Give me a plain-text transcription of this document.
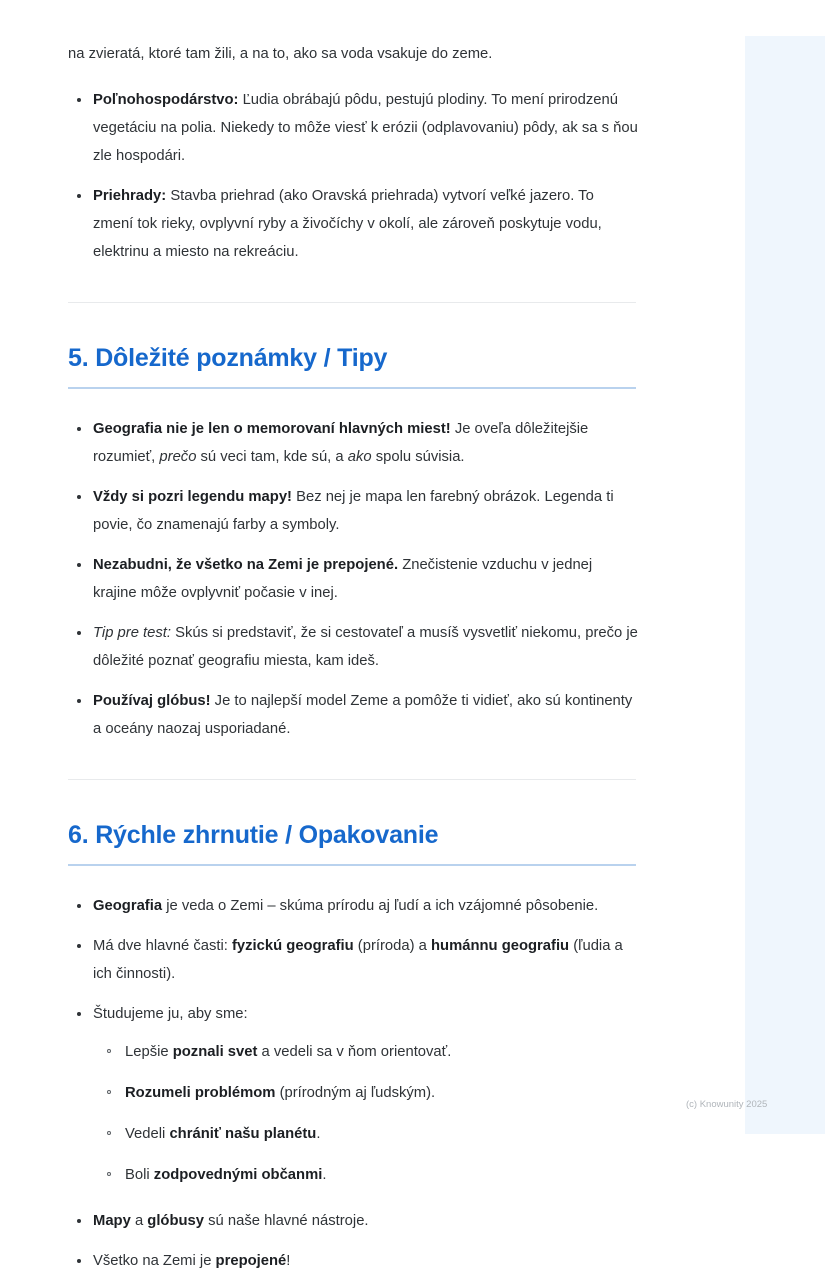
na zvieratá, ktoré tam žili, a na to, ako sa voda vsakuje do zeme.

Poľnohospodárstvo: Ľudia obrábajú pôdu, pestujú plodiny. To mení prirodzenú vegetáciu na polia. Niekedy to môže viesť k erózii (odplavovaniu) pôdy, ak sa s ňou zle hospodári.
Priehrady: Stavba priehrad (ako Oravská priehrada) vytvorí veľké jazero. To zmení tok rieky, ovplyvní ryby a živočíchy v okolí, ale zároveň poskytuje vodu, elektrinu a miesto na rekreáciu.
5. Dôležité poznámky / Tipy
Geografia nie je len o memorovaní hlavných miest! Je oveľa dôležitejšie rozumieť, prečo sú veci tam, kde sú, a ako spolu súvisia.
Vždy si pozri legendu mapy! Bez nej je mapa len farebný obrázok. Legenda ti povie, čo znamenajú farby a symboly.
Nezabudni, že všetko na Zemi je prepojené. Znečistenie vzduchu v jednej krajine môže ovplyvniť počasie v inej.
Tip pre test: Skús si predstaviť, že si cestovateľ a musíš vysvetliť niekomu, prečo je dôležité poznať geografiu miesta, kam ideš.
Používaj glóbus! Je to najlepší model Zeme a pomôže ti vidieť, ako sú kontinenty a oceány naozaj usporiadané.
6. Rýchle zhrnutie / Opakovanie
Geografia je veda o Zemi – skúma prírodu aj ľudí a ich vzájomné pôsobenie.
Má dve hlavné časti: fyzickú geografiu (príroda) a humánnu geografiu (ľudia a ich činnosti).
Študujeme ju, aby sme:
Lepšie poznali svet a vedeli sa v ňom orientovať.
Rozumeli problémom (prírodným aj ľudským).
Vedeli chrániť našu planétu.
Boli zodpovednými občanmi.
Mapy a glóbusy sú naše hlavné nástroje.
Všetko na Zemi je prepojené!
(c) Knowunity 2025
